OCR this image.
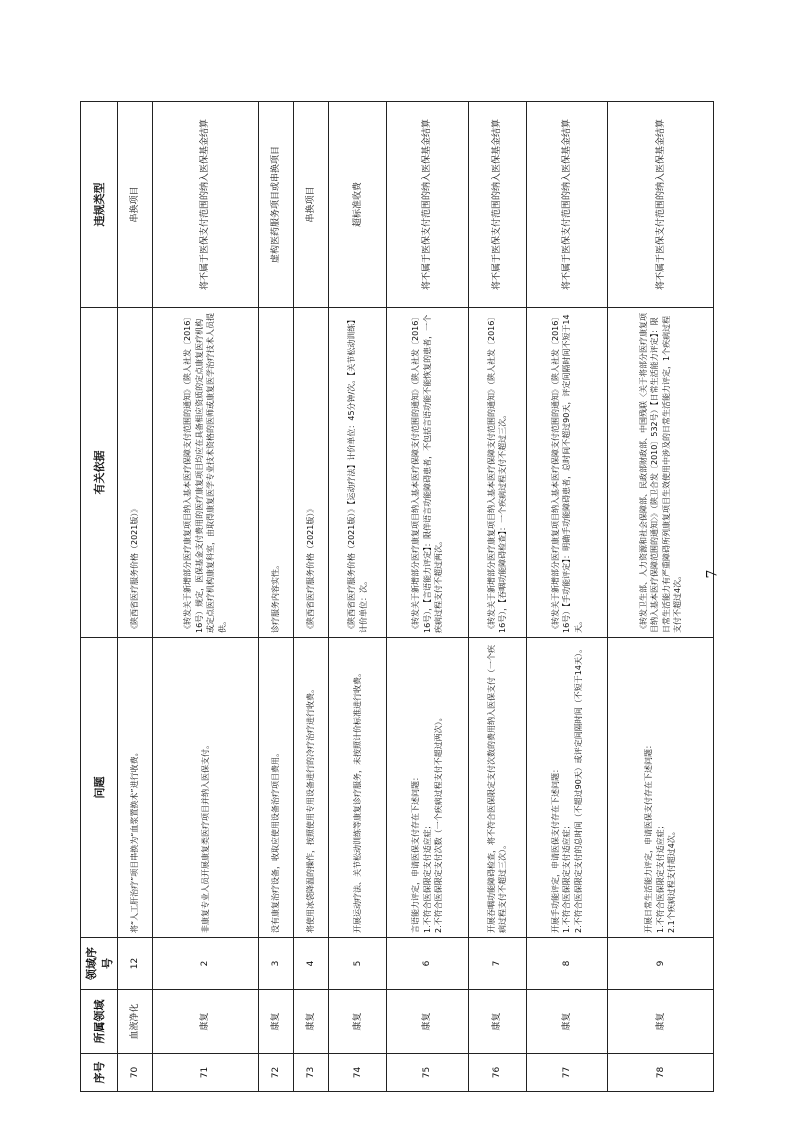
序号	所属领域	领域序号	问题	有关依据	违规类型
70	血液净化	12	将“人工肝治疗”项目串换为“血浆置换术”进行收费。	《陕西省医疗服务价格（2021版）》	串换项目
71	康复	2	非康复专业人员开展康复类医疗项目并纳入医保支付。	《转发关于新增部分医疗康复项目纳入基本医疗保障支付范围的通知》（陕人社发〔2016〕16号）规定，医保基金支付费用的医疗康复项目均应在具备相应资质的定点康复医疗机构或定点医疗机构康复科室，由取得康复医学专业技术资格的医师或康复医学治疗技术人员提供。	将不属于医保支付范围的纳入医保基金结算
72	康复	3	没有康复治疗设备，收取应使用设备治疗项目费用。	诊疗服务内容实性。	虚构医药服务项目或串换项目
73	康复	4	将使用冰袋降温的操作，按照使用专用设备进行的冷疗治疗进行收费。	《陕西省医疗服务价格（2021版）》	串换项目
74	康复	5	开展运动疗法、关节松动训练等康复诊疗服务，未按照计价标准进行收费。	《陕西省医疗服务价格（2021版）》【运动疗法】计价单位：45分钟/次。【关节松动训练】计价单位：次。	超标准收费
75	康复	6	言语能力评定，申请医保支付存在下述问题：
1.不符合医保限定支付适应症；
2.不符合医保限定支付次数（一个疾病过程支付不超过两次）。	《转发关于新增部分医疗康复项目纳入基本医疗保障支付范围的通知》（陕人社发〔2016〕16号），【言语能力评定】：限伴语言功能障碍患者，不包括言语功能不能恢复的患者，一个疾病过程支付不超过两次。	将不属于医保支付范围的纳入医保基金结算
76	康复	7	开展吞咽功能障碍检查，将不符合医保限定支付次数的费用纳入医保支付（一个疾病过程支付不超过三次）。	《转发关于新增部分医疗康复项目纳入基本医疗保障支付范围的通知》（陕人社发〔2016〕16号），【吞咽功能障碍检查】：一个疾病过程支付不超过三次。	将不属于医保支付范围的纳入医保基金结算
77	康复	8	开展手功能评定，申请医保支付存在下述问题：
1.不符合医保限定支付适应症；
2.不符合医保限定支付的总时间（不超过90天）或评定间隔时间（不短于14天）。	《转发关于新增部分医疗康复项目纳入基本医疗保障支付范围的通知》（陕人社发〔2016〕16号）【手功能评定】：明确手功能障碍患者，总时间不超过90天，评定间隔时间不短于14天。	将不属于医保支付范围的纳入医保基金结算
78	康复	9	开展日常生活能力评定，申请医保支付存在下述问题：
1.不符合医保限定支付适应症；
2.1个疾病过程支付超过4次。	《转发卫生部、人力资源和社会保障部、民政部财政部、中国残联〈关于将部分医疗康复项目纳入基本医疗保障范围的通知〉》（陕卫合发〔2010〕532号）【日常生活能力评定】：限日常生活能力有严重障碍所列康复项目生效使用中涉及的日常生活能力评定，1个疾病过程支付不超过4次。	将不属于医保支付范围的纳入医保基金结算
7
